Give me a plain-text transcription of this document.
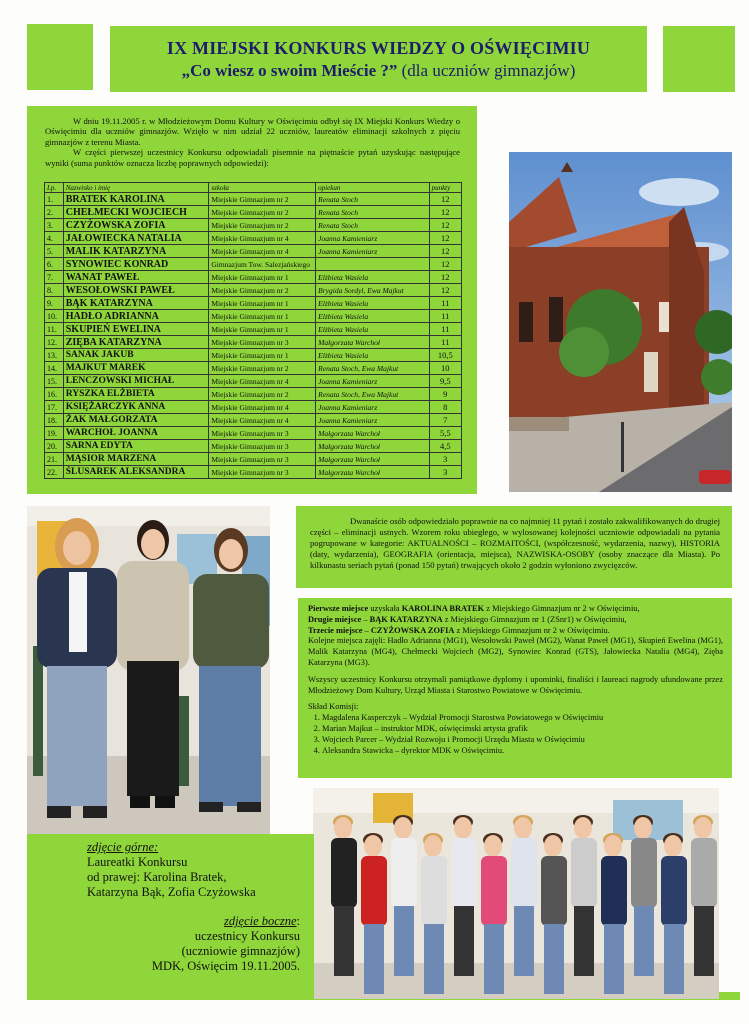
IX MIEJSKI KONKURS WIEDZY O OŚWIĘCIMIU
„Co wiesz o swoim Mieście ?” (dla uczniów gimnazjów)

W dniu 19.11.2005 r. w Młodzieżowym Domu Kultury w Oświęcimiu odbył się IX Miejski Konkurs Wiedzy o Oświęcimiu dla uczniów gimnazjów. Wzięło w nim udział 22 uczniów, laureatów eliminacji szkolnych z pięciu gimnazjów z terenu Miasta.

W części pierwszej uczestnicy Konkursu odpowiadali pisemnie na piętnaście pytań uzyskując następujące wyniki (suma punktów oznacza liczbę poprawnych odpowiedzi):

Lp.	Nazwisko i imię	szkoła	opiekun	punkty
1.	BRATEK KAROLINA	Miejskie Gimnazjum nr 2	Renata Stoch	12
2.	CHEŁMECKI WOJCIECH	Miejskie Gimnazjum nr 2	Renata Stoch	12
3.	CZYŻOWSKA ZOFIA	Miejskie Gimnazjum nr 2	Renata Stoch	12
4.	JAŁOWIECKA NATALIA	Miejskie Gimnazjum nr 4	Joanna Kamieniarz	12
5.	MALIK KATARZYNA	Miejskie Gimnazjum nr 4	Joanna Kamieniarz	12
6.	SYNOWIEC KONRAD	Gimnazjum Tow. Salezjańskiego		12
7.	WANAT PAWEŁ	Miejskie Gimnazjum nr 1	Elżbieta Wasiela	12
8.	WESOŁOWSKI PAWEŁ	Miejskie Gimnazjum nr 2	Brygida Sordyl, Ewa Majkut	12
9.	BĄK KATARZYNA	Miejskie Gimnazjum nr 1	Elżbieta Wasiela	11
10.	HADŁO ADRIANNA	Miejskie Gimnazjum nr 1	Elżbieta Wasiela	11
11.	SKUPIEŃ EWELINA	Miejskie Gimnazjum nr 1	Elżbieta Wasiela	11
12.	ZIĘBA KATARZYNA	Miejskie Gimnazjum nr 3	Małgorzata Warchoł	11
13.	SANAK JAKUB	Miejskie Gimnazjum nr 1	Elżbieta Wasiela	10,5
14.	MAJKUT MAREK	Miejskie Gimnazjum nr 2	Renata Stoch, Ewa Majkut	10
15.	LENCZOWSKI MICHAŁ	Miejskie Gimnazjum nr 4	Joanna Kamieniarz	9,5
16.	RYSZKA ELŻBIETA	Miejskie Gimnazjum nr 2	Renata Stoch, Ewa Majkut	9
17.	KSIĘŻARCZYK ANNA	Miejskie Gimnazjum nr 4	Joanna Kamieniarz	8
18.	ŻAK MAŁGORZATA	Miejskie Gimnazjum nr 4	Joanna Kamieniarz	7
19.	WARCHOŁ JOANNA	Miejskie Gimnazjum nr 3	Małgorzata Warchoł	5,5
20.	SARNA EDYTA	Miejskie Gimnazjum nr 3	Małgorzata Warchoł	4,5
21.	MĄSIOR MARZENA	Miejskie Gimnazjum nr 3	Małgorzata Warchoł	3
22.	ŚLUSAREK ALEKSANDRA	Miejskie Gimnazjum nr 3	Małgorzata Warchoł	3

Dwanaście osób odpowiedziało poprawnie na co najmniej 11 pytań i zostało zakwalifikowanych do drugiej części – eliminacji ustnych. Wzorem roku ubiegłego, w wylosowanej kolejności uczniowie odpowiadali na pytania pogrupowane w kategorie: AKTUALNOŚCI – ROZMAITOŚCI, (współczesność, wydarzenia, nazwy), HISTORIA (daty, wydarzenia), GEOGRAFIA (orientacja, miejsca), NAZWISKA-OSOBY (osoby znaczące dla Miasta). Po kilkunastu seriach pytań (ponad 150 pytań) trwających około 2 godzin wyłoniono zwycięzców.

Pierwsze miejsce uzyskała KAROLINA BRATEK z Miejskiego Gimnazjum nr 2 w Oświęcimiu,
Drugie miejsce – BĄK KATARZYNA z Miejskiego Gimnazjum nr 1 (ZSnr1) w Oświęcimiu,
Trzecie miejsce – CZYŻOWSKA ZOFIA z Miejskiego Gimnazjum nr 2 w Oświęcimiu.
Kolejne miejsca zajęli: Hadło Adrianna (MG1), Wesołowski Paweł (MG2), Wanat Paweł (MG1), Skupień Ewelina (MG1), Malik Katarzyna (MG4), Chełmecki Wojciech (MG2), Synowiec Konrad (GTS), Jałowiecka Natalia (MG4), Zięba Katarzyna (MG3).

Wszyscy uczestnicy Konkursu otrzymali pamiątkowe dyplomy i upominki, finaliści i laureaci nagrody ufundowane przez Młodzieżowy Dom Kultury, Urząd Miasta i Starostwo Powiatowe w Oświęcimiu.

Skład Komisji:
1. Magdalena Kasperczyk – Wydział Promocji Starostwa Powiatowego w Oświęcimiu
2. Marian Majkut – instruktor MDK, oświęcimski artysta grafik
3. Wojciech Parcer – Wydział Rozwoju i Promocji Urzędu Miasta w Oświęcimiu
4. Aleksandra Stawicka – dyrektor MDK w Oświęcimiu.
zdjęcie górne:
Laureatki Konkursu
od prawej: Karolina Bratek,
Katarzyna Bąk, Zofia Czyżowska
zdjęcie boczne:
uczestnicy Konkursu
(uczniowie gimnazjów)
MDK, Oświęcim 19.11.2005.
